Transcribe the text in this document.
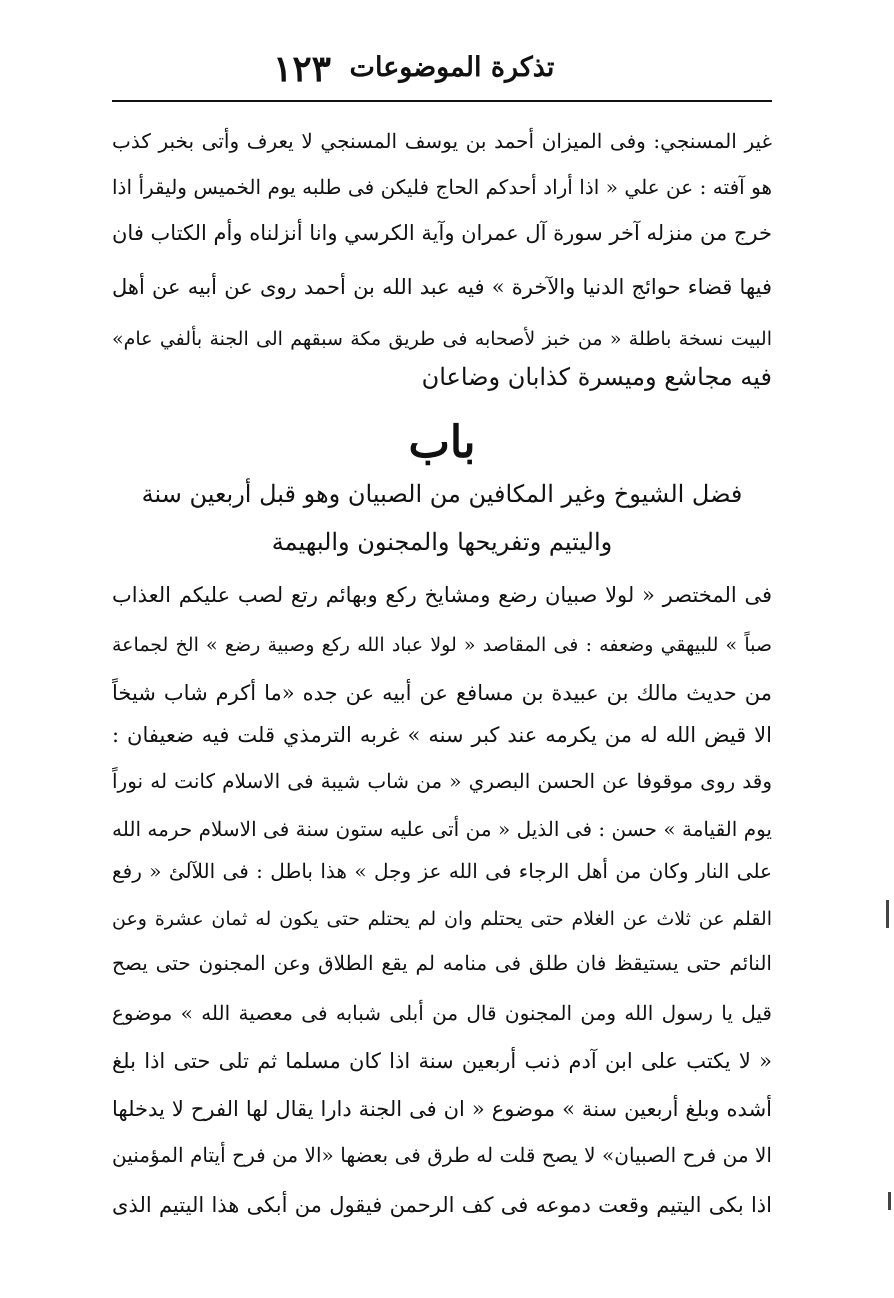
تذكرة الموضوعات
١٢٣
غير المسنجي: وفى الميزان أحمد بن يوسف المسنجي لا يعرف وأتى بخبر كذب
هو آفته : عن علي « اذا أراد أحدكم الحاج فليكن فى طلبه يوم الخميس وليقرأ اذا
خرج من منزله آخر سورة آل عمران وآية الكرسي وانا أنزلناه وأم الكتاب فان
فيها قضاء حوائج الدنيا والآخرة » فيه عبد الله بن أحمد روى عن أبيه عن أهل
البيت نسخة باطلة « من خبز لأصحابه فى طريق مكة سبقهم الى الجنة بألفي عام»
فيه مجاشع وميسرة كذابان وضاعان
باب
فضل الشيوخ وغير المكافين من الصبيان وهو قبل أربعين سنة
واليتيم وتفريحها والمجنون والبهيمة
فى المختصر « لولا صبيان رضع ومشايخ ركع وبهائم رتع لصب عليكم العذاب
صباً » للبيهقي وضعفه : فى المقاصد « لولا عباد الله ركع وصبية رضع » الخ لجماعة
من حديث مالك بن عبيدة بن مسافع عن أبيه عن جده «ما أكرم شاب شيخاً
الا قيض الله له من يكرمه عند كبر سنه » غربه الترمذي قلت فيه ضعيفان :
وقد روى موقوفا عن الحسن البصري « من شاب شيبة فى الاسلام كانت له نوراً
يوم القيامة » حسن : فى الذيل « من أتى عليه ستون سنة فى الاسلام حرمه الله
على النار وكان من أهل الرجاء فى الله عز وجل » هذا باطل : فى اللآلئ « رفع
القلم عن ثلاث عن الغلام حتى يحتلم وان لم يحتلم حتى يكون له ثمان عشرة وعن
النائم حتى يستيقظ فان طلق فى منامه لم يقع الطلاق وعن المجنون حتى يصح
قيل يا رسول الله ومن المجنون قال من أبلى شبابه فى معصية الله » موضوع
« لا يكتب على ابن آدم ذنب أربعين سنة اذا كان مسلما ثم تلى حتى اذا بلغ
أشده وبلغ أربعين سنة » موضوع « ان فى الجنة دارا يقال لها الفرح لا يدخلها
الا من فرح الصبيان» لا يصح قلت له طرق فى بعضها «الا من فرح أيتام المؤمنين
اذا بكى اليتيم وقعت دموعه فى كف الرحمن فيقول من أبكى هذا اليتيم الذى
